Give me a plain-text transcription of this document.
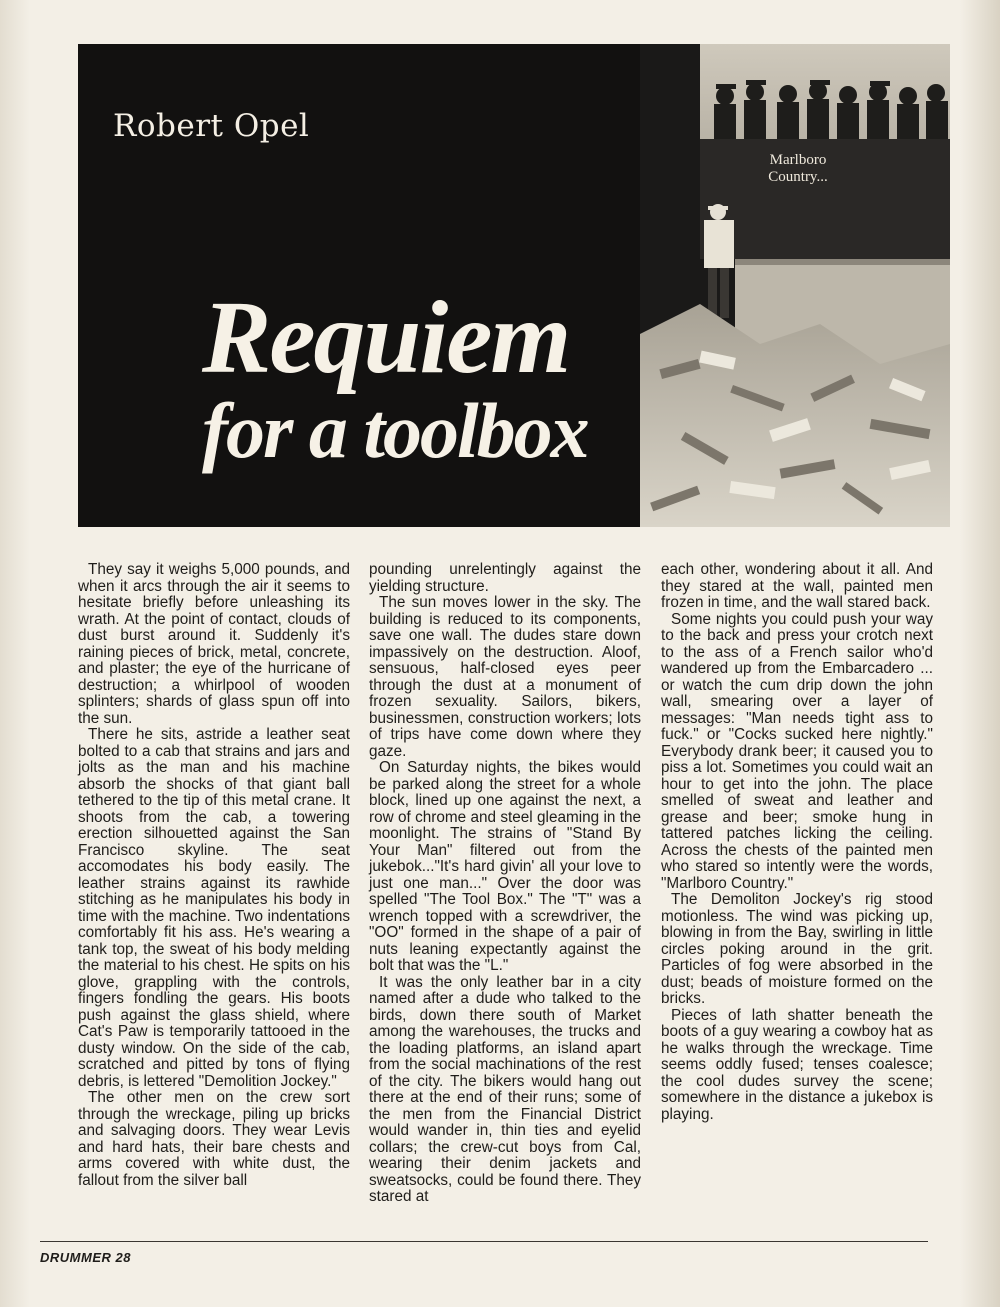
Robert Opel
Requiem
for a toolbox
Marlboro Country...

They say it weighs 5,000 pounds, and when it arcs through the air it seems to hesitate briefly before unleashing its wrath. At the point of contact, clouds of dust burst around it. Suddenly it's raining pieces of brick, metal, concrete, and plaster; the eye of the hurricane of destruction; a whirlpool of wooden splinters; shards of glass spun off into the sun.

There he sits, astride a leather seat bolted to a cab that strains and jars and jolts as the man and his machine absorb the shocks of that giant ball tethered to the tip of this metal crane. It shoots from the cab, a towering erection silhouetted against the San Francisco skyline. The seat accomodates his body easily. The leather strains against its rawhide stitching as he manipulates his body in time with the machine. Two indentations comfortably fit his ass. He's wearing a tank top, the sweat of his body melding the material to his chest. He spits on his glove, grappling with the controls, fingers fondling the gears. His boots push against the glass shield, where Cat's Paw is temporarily tattooed in the dusty window. On the side of the cab, scratched and pitted by tons of flying debris, is lettered "Demolition Jockey."

The other men on the crew sort through the wreckage, piling up bricks and salvaging doors. They wear Levis and hard hats, their bare chests and arms covered with white dust, the fallout from the silver ball

pounding unrelentingly against the yielding structure.

The sun moves lower in the sky. The building is reduced to its components, save one wall. The dudes stare down impassively on the destruction. Aloof, sensuous, half-closed eyes peer through the dust at a monument of frozen sexuality. Sailors, bikers, businessmen, construction workers; lots of trips have come down where they gaze.

On Saturday nights, the bikes would be parked along the street for a whole block, lined up one against the next, a row of chrome and steel gleaming in the moonlight. The strains of "Stand By Your Man" filtered out from the jukebok..."It's hard givin' all your love to just one man..." Over the door was spelled "The Tool Box." The "T" was a wrench topped with a screwdriver, the "OO" formed in the shape of a pair of nuts leaning expectantly against the bolt that was the "L."

It was the only leather bar in a city named after a dude who talked to the birds, down there south of Market among the warehouses, the trucks and the loading platforms, an island apart from the social machinations of the rest of the city. The bikers would hang out there at the end of their runs; some of the men from the Financial District would wander in, thin ties and eyelid collars; the crew-cut boys from Cal, wearing their denim jackets and sweatsocks, could be found there. They stared at

each other, wondering about it all. And they stared at the wall, painted men frozen in time, and the wall stared back.

Some nights you could push your way to the back and press your crotch next to the ass of a French sailor who'd wandered up from the Embarcadero ... or watch the cum drip down the john wall, smearing over a layer of messages: "Man needs tight ass to fuck." or "Cocks sucked here nightly." Everybody drank beer; it caused you to piss a lot. Sometimes you could wait an hour to get into the john. The place smelled of sweat and leather and grease and beer; smoke hung in tattered patches licking the ceiling. Across the chests of the painted men who stared so intently were the words, "Marlboro Country."

The Demoliton Jockey's rig stood motionless. The wind was picking up, blowing in from the Bay, swirling in little circles poking around in the grit. Particles of fog were absorbed in the dust; beads of moisture formed on the bricks.

Pieces of lath shatter beneath the boots of a guy wearing a cowboy hat as he walks through the wreckage. Time seems oddly fused; tenses coalesce; the cool dudes survey the scene; somewhere in the distance a jukebox is playing.

DRUMMER 28
